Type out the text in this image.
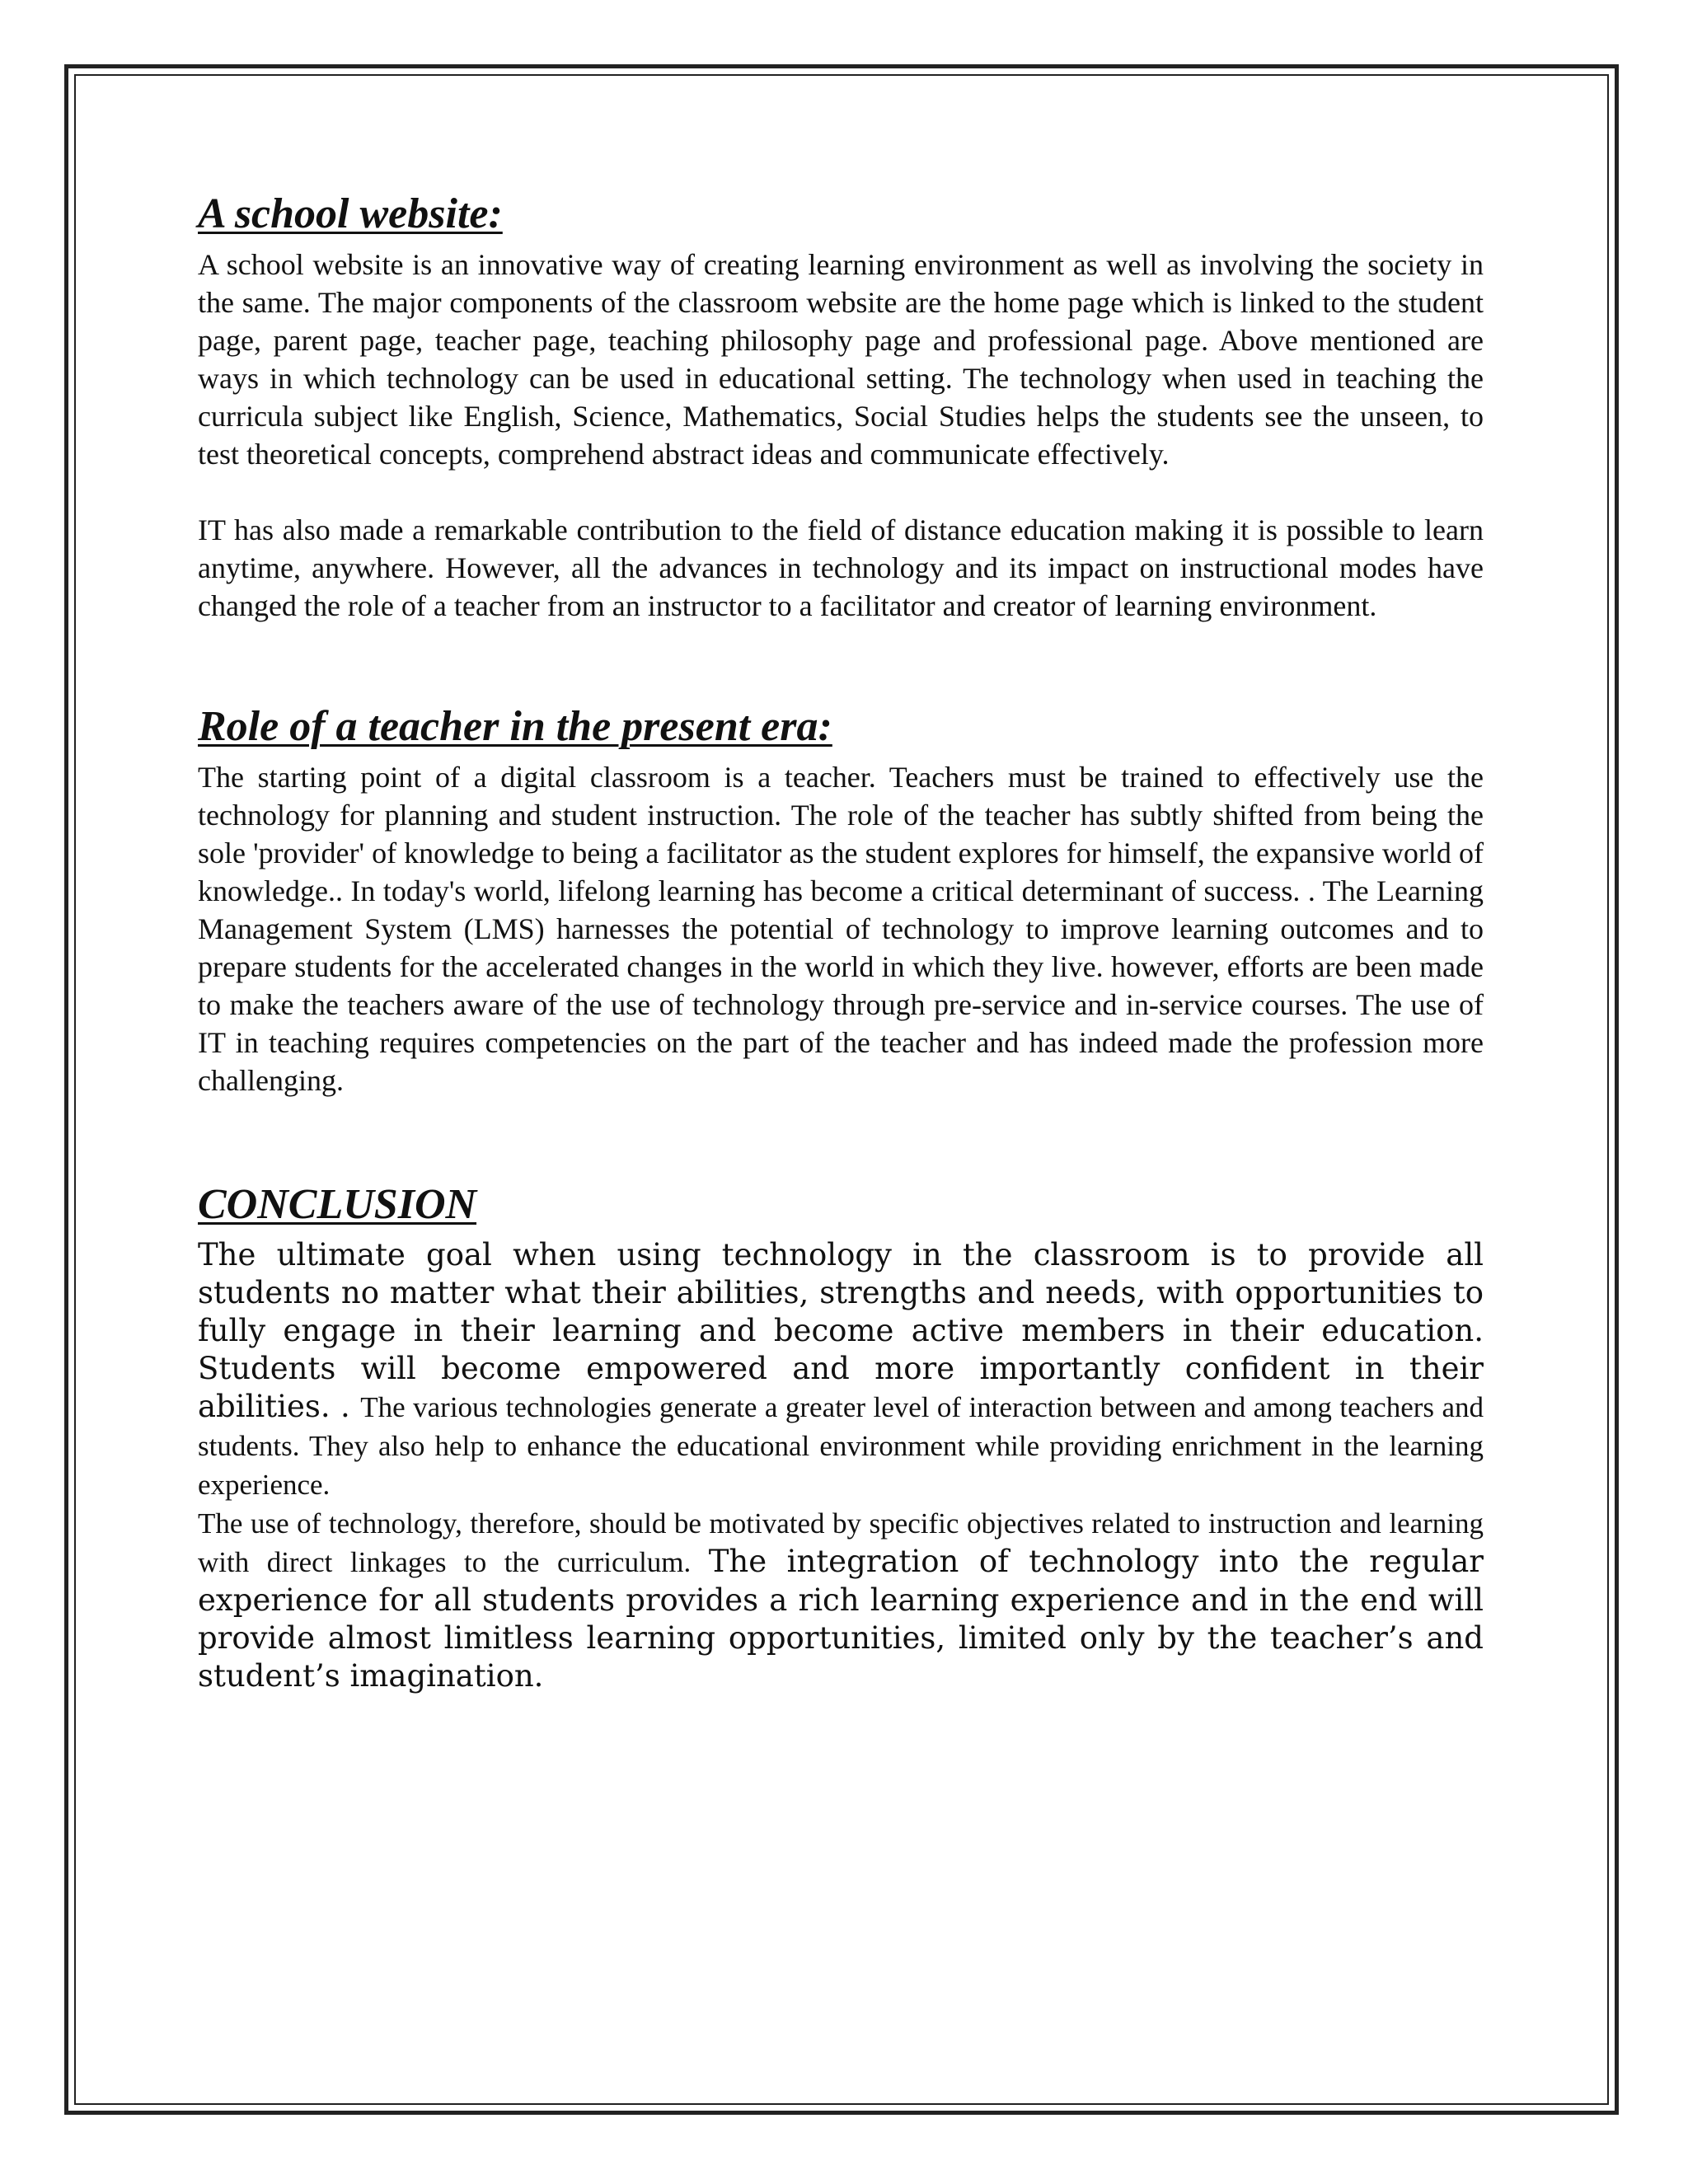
A school website:

A school website is an innovative way of creating learning environment as well as involving the society in the same. The major components of the classroom website are the home page which is linked to the student page, parent page, teacher page, teaching philosophy page and professional page. Above mentioned are ways in which technology can be used in educational setting. The technology when used in teaching the curricula subject like English, Science, Mathematics, Social Studies helps the students see the unseen, to test theoretical concepts, comprehend abstract ideas and communicate effectively.

IT has also made a remarkable contribution to the field of distance education making it is possible to learn anytime, anywhere. However, all the advances in technology and its impact on instructional modes have changed the role of a teacher from an instructor to a facilitator and creator of learning environment.

Role of a teacher in the present era:

The starting point of a digital classroom is a teacher. Teachers must be trained to effectively use the technology for planning and student instruction. The role of the teacher has subtly shifted from being the sole 'provider' of knowledge to being a facilitator as the student explores for himself, the expansive world of knowledge.. In today's world, lifelong learning has become a critical determinant of success. . The Learning Management System (LMS) harnesses the potential of technology to improve learning outcomes and to prepare students for the accelerated changes in the world in which they live. however, efforts are been made to make the teachers aware of the use of technology through pre-service and in-service courses. The use of IT in teaching requires competencies on the part of the teacher and has indeed made the profession more challenging.

CONCLUSION

The ultimate goal when using technology in the classroom is to provide all students no matter what their abilities, strengths and needs, with opportunities to fully engage in their learning and become active members in their education. Students will become empowered and more importantly confident in their abilities. . The various technologies generate a greater level of interaction between and among teachers and students. They also help to enhance the educational environment while providing enrichment in the learning experience.

The use of technology, therefore, should be motivated by specific objectives related to instruction and learning with direct linkages to the curriculum. The integration of technology into the regular experience for all students provides a rich learning experience and in the end will provide almost limitless learning opportunities, limited only by the teacher’s and student’s imagination.
